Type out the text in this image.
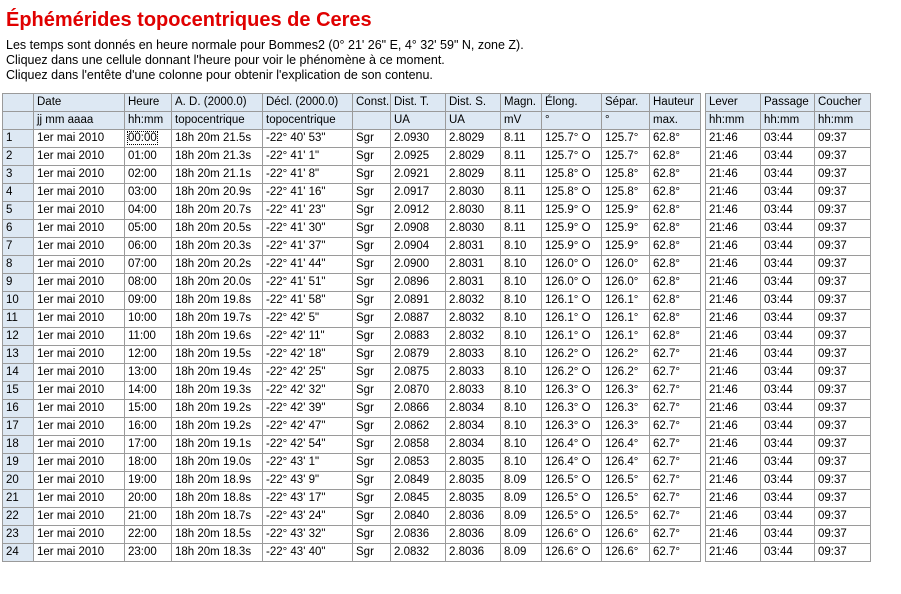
Éphémérides topocentriques de Ceres
Les temps sont donnés en heure normale pour Bommes2 (0° 21' 26" E, 4° 32' 59" N, zone Z).
Cliquez dans une cellule donnant l'heure pour voir le phénomène à ce moment.
Cliquez dans l'entête d'une colonne pour obtenir l'explication de son contenu.
	Date	Heure	A. D. (2000.0)	Décl. (2000.0)	Const.	Dist. T.	Dist. S.	Magn.	Élong.	Sépar.	Hauteur		Lever	Passage	Coucher
	jj mm aaaa	hh:mm	topocentrique	topocentrique		UA	UA	mV	°	°	max.		hh:mm	hh:mm	hh:mm
1	1er mai 2010	00:00	18h 20m 21.5s	-22° 40' 53"	Sgr	2.0930	2.8029	8.11	125.7° O	125.7°	62.8°		21:46	03:44	09:37
2	1er mai 2010	01:00	18h 20m 21.3s	-22° 41' 1"	Sgr	2.0925	2.8029	8.11	125.7° O	125.7°	62.8°		21:46	03:44	09:37
3	1er mai 2010	02:00	18h 20m 21.1s	-22° 41' 8"	Sgr	2.0921	2.8029	8.11	125.8° O	125.8°	62.8°		21:46	03:44	09:37
4	1er mai 2010	03:00	18h 20m 20.9s	-22° 41' 16"	Sgr	2.0917	2.8030	8.11	125.8° O	125.8°	62.8°		21:46	03:44	09:37
5	1er mai 2010	04:00	18h 20m 20.7s	-22° 41' 23"	Sgr	2.0912	2.8030	8.11	125.9° O	125.9°	62.8°		21:46	03:44	09:37
6	1er mai 2010	05:00	18h 20m 20.5s	-22° 41' 30"	Sgr	2.0908	2.8030	8.11	125.9° O	125.9°	62.8°		21:46	03:44	09:37
7	1er mai 2010	06:00	18h 20m 20.3s	-22° 41' 37"	Sgr	2.0904	2.8031	8.10	125.9° O	125.9°	62.8°		21:46	03:44	09:37
8	1er mai 2010	07:00	18h 20m 20.2s	-22° 41' 44"	Sgr	2.0900	2.8031	8.10	126.0° O	126.0°	62.8°		21:46	03:44	09:37
9	1er mai 2010	08:00	18h 20m 20.0s	-22° 41' 51"	Sgr	2.0896	2.8031	8.10	126.0° O	126.0°	62.8°		21:46	03:44	09:37
10	1er mai 2010	09:00	18h 20m 19.8s	-22° 41' 58"	Sgr	2.0891	2.8032	8.10	126.1° O	126.1°	62.8°		21:46	03:44	09:37
11	1er mai 2010	10:00	18h 20m 19.7s	-22° 42' 5"	Sgr	2.0887	2.8032	8.10	126.1° O	126.1°	62.8°		21:46	03:44	09:37
12	1er mai 2010	11:00	18h 20m 19.6s	-22° 42' 11"	Sgr	2.0883	2.8032	8.10	126.1° O	126.1°	62.8°		21:46	03:44	09:37
13	1er mai 2010	12:00	18h 20m 19.5s	-22° 42' 18"	Sgr	2.0879	2.8033	8.10	126.2° O	126.2°	62.7°		21:46	03:44	09:37
14	1er mai 2010	13:00	18h 20m 19.4s	-22° 42' 25"	Sgr	2.0875	2.8033	8.10	126.2° O	126.2°	62.7°		21:46	03:44	09:37
15	1er mai 2010	14:00	18h 20m 19.3s	-22° 42' 32"	Sgr	2.0870	2.8033	8.10	126.3° O	126.3°	62.7°		21:46	03:44	09:37
16	1er mai 2010	15:00	18h 20m 19.2s	-22° 42' 39"	Sgr	2.0866	2.8034	8.10	126.3° O	126.3°	62.7°		21:46	03:44	09:37
17	1er mai 2010	16:00	18h 20m 19.2s	-22° 42' 47"	Sgr	2.0862	2.8034	8.10	126.3° O	126.3°	62.7°		21:46	03:44	09:37
18	1er mai 2010	17:00	18h 20m 19.1s	-22° 42' 54"	Sgr	2.0858	2.8034	8.10	126.4° O	126.4°	62.7°		21:46	03:44	09:37
19	1er mai 2010	18:00	18h 20m 19.0s	-22° 43' 1"	Sgr	2.0853	2.8035	8.10	126.4° O	126.4°	62.7°		21:46	03:44	09:37
20	1er mai 2010	19:00	18h 20m 18.9s	-22° 43' 9"	Sgr	2.0849	2.8035	8.09	126.5° O	126.5°	62.7°		21:46	03:44	09:37
21	1er mai 2010	20:00	18h 20m 18.8s	-22° 43' 17"	Sgr	2.0845	2.8035	8.09	126.5° O	126.5°	62.7°		21:46	03:44	09:37
22	1er mai 2010	21:00	18h 20m 18.7s	-22° 43' 24"	Sgr	2.0840	2.8036	8.09	126.5° O	126.5°	62.7°		21:46	03:44	09:37
23	1er mai 2010	22:00	18h 20m 18.5s	-22° 43' 32"	Sgr	2.0836	2.8036	8.09	126.6° O	126.6°	62.7°		21:46	03:44	09:37
24	1er mai 2010	23:00	18h 20m 18.3s	-22° 43' 40"	Sgr	2.0832	2.8036	8.09	126.6° O	126.6°	62.7°		21:46	03:44	09:37
